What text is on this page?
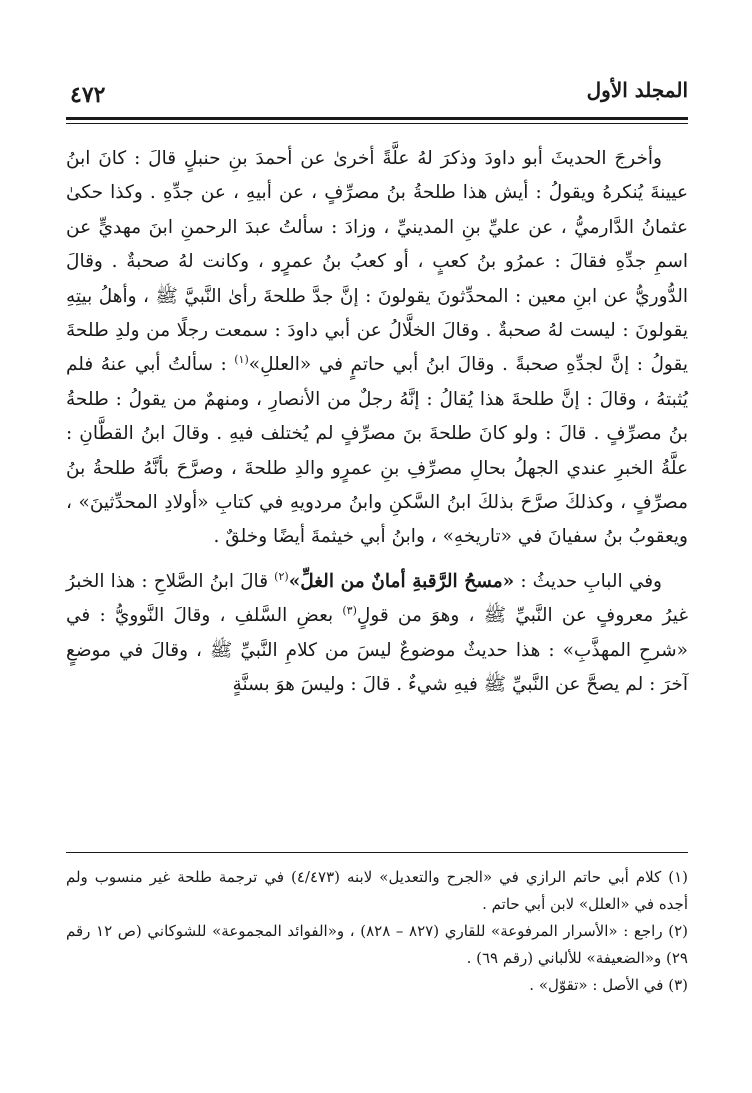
المجلد الأول
٤٧٢

وأخرجَ الحديثَ أبو داودَ وذكرَ لهُ علَّةً أخرىٰ عن أحمدَ بنِ حنبلٍ قالَ : كانَ ابنُ عيينةَ يُنكرهُ ويقولُ : أيش هذا طلحةُ بنُ مصرِّفٍ ، عن أبيهِ ، عن جدِّهِ . وكذا حكىٰ عثمانُ الدَّارميُّ ، عن عليِّ بنِ المدينيِّ ، وزادَ : سألتُ عبدَ الرحمنِ ابنَ مهديٍّ عن اسمِ جدِّهِ فقالَ : عمرُو بنُ كعبٍ ، أو كعبُ بنُ عمرٍو ، وكانت لهُ صحبةٌ . وقالَ الدُّوريُّ عن ابنِ معين : المحدِّثونَ يقولونَ : إنَّ جدَّ طلحةَ رأىٰ النَّبيَّ ﷺ ، وأهلُ بيتِهِ يقولونَ : ليست لهُ صحبةٌ . وقالَ الخلَّالُ عن أبي داودَ : سمعت رجلًا من ولدِ طلحةَ يقولُ : إنَّ لجدِّهِ صحبةً . وقالَ ابنُ أبي حاتمٍ في «العللِ»$^{(١)}$ : سألتُ أبي عنهُ فلم يُثبتهُ ، وقالَ : إنَّ طلحةَ هذا يُقالُ : إنَّهُ رجلٌ من الأنصارِ ، ومنهمٌ من يقولُ : طلحةُ بنُ مصرِّفٍ . قالَ : ولو كانَ طلحةَ بنَ مصرِّفٍ لم يُختلف فيهِ . وقالَ ابنُ القطَّانِ : علَّةُ الخبرِ عندي الجهلُ بحالِ مصرِّفِ بنِ عمرٍو والدِ طلحةَ ، وصرَّحَ بأنَّهُ طلحةُ بنُ مصرِّفٍ ، وكذلكَ صرَّحَ بذلكَ ابنُ السَّكنِ وابنُ مردويهِ في كتابِ «أولادِ المحدِّثينَ» ، ويعقوبُ بنُ سفيانَ في «تاريخهِ» ، وابنُ أبي خيثمةَ أيضًا وخلقٌ .

وفي البابِ حديثُ : «مسحُ الرَّقبةِ أمانٌ من الغلِّ»$^{(٢)}$ قالَ ابنُ الصَّلاحِ : هذا الخبرُ غيرُ معروفٍ عن النَّبيِّ ﷺ ، وهوَ من قولٍ$^{(٣)}$ بعضِ السَّلفِ ، وقالَ النَّوويُّ : في «شرحِ المهذَّبِ» : هذا حديثٌ موضوعٌ ليسَ من كلامِ النَّبيِّ ﷺ ، وقالَ في موضعٍ آخرَ : لم يصحَّ عن النَّبيِّ ﷺ فيهِ شيءٌ . قالَ : وليسَ هوَ بسنَّةٍ

(١) كلام أبي حاتم الرازي في «الجرح والتعديل» لابنه (٤/٤٧٣) في ترجمة طلحة غير منسوب ولم أجده في «العلل» لابن أبي حاتم .

(٢) راجع : «الأسرار المرفوعة» للقاري (٨٢٧ – ٨٢٨) ، و«الفوائد المجموعة» للشوكاني (ص ١٢ رقم ٢٩) و«الضعيفة» للألباني (رقم ٦٩) .

(٣) في الأصل : «تقوّل» .
